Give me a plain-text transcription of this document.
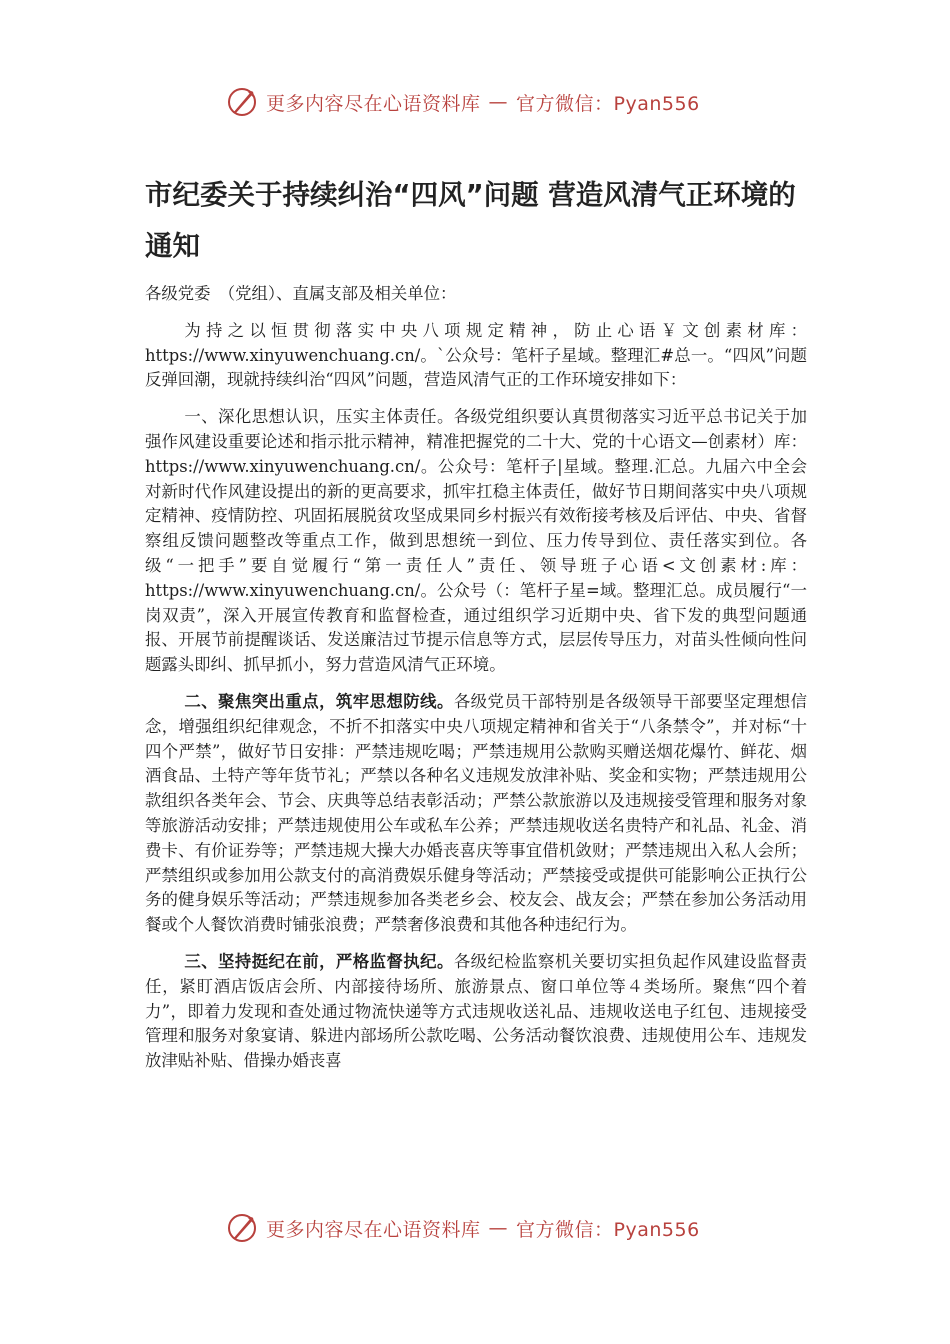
更多内容尽在心语资料库 — 官方微信：Pyan556
市纪委关于持续纠治“四风”问题 营造风清气正环境的通知

各级党委　（党组）、直属支部及相关单位：

为持之以恒贯彻落实中央八项规定精神，防止心语￥文创素材库：https://www.xinyuwenchuang.cn/。`公众号：笔杆子星域。整理汇#总一。“四风”问题反弹回潮，现就持续纠治“四风”问题，营造风清气正的工作环境安排如下：

一、深化思想认识，压实主体责任。各级党组织要认真贯彻落实习近平总书记关于加强作风建设重要论述和指示批示精神，精准把握党的二十大、党的十心语文—创素材）库：https://www.xinyuwenchuang.cn/。公众号：笔杆子|星域。整理.汇总。九届六中全会对新时代作风建设提出的新的更高要求，抓牢扛稳主体责任，做好节日期间落实中央八项规定精神、疫情防控、巩固拓展脱贫攻坚成果同乡村振兴有效衔接考核及后评估、中央、省督察组反馈问题整改等重点工作，做到思想统一到位、压力传导到位、责任落实到位。各级“一把手”要自觉履行“第一责任人”责任、领导班子心语<文创素材:库：https://www.xinyuwenchuang.cn/。公众号（：笔杆子星=域。整理汇总。成员履行“一岗双责”，深入开展宣传教育和监督检查，通过组织学习近期中央、省下发的典型问题通报、开展节前提醒谈话、发送廉洁过节提示信息等方式，层层传导压力，对苗头性倾向性问题露头即纠、抓早抓小，努力营造风清气正环境。

二、聚焦突出重点，筑牢思想防线。各级党员干部特别是各级领导干部要坚定理想信念，增强组织纪律观念，不折不扣落实中央八项规定精神和省关于“八条禁令”，并对标“十四个严禁”，做好节日安排：严禁违规吃喝；严禁违规用公款购买赠送烟花爆竹、鲜花、烟酒食品、土特产等年货节礼；严禁以各种名义违规发放津补贴、奖金和实物；严禁违规用公款组织各类年会、节会、庆典等总结表彰活动；严禁公款旅游以及违规接受管理和服务对象等旅游活动安排；严禁违规使用公车或私车公养；严禁违规收送名贵特产和礼品、礼金、消费卡、有价证券等；严禁违规大操大办婚丧喜庆等事宜借机敛财；严禁违规出入私人会所；严禁组织或参加用公款支付的高消费娱乐健身等活动；严禁接受或提供可能影响公正执行公务的健身娱乐等活动；严禁违规参加各类老乡会、校友会、战友会；严禁在参加公务活动用餐或个人餐饮消费时铺张浪费；严禁奢侈浪费和其他各种违纪行为。

三、坚持挺纪在前，严格监督执纪。各级纪检监察机关要切实担负起作风建设监督责任，紧盯酒店饭店会所、内部接待场所、旅游景点、窗口单位等４类场所。聚焦“四个着力”，即着力发现和查处通过物流快递等方式违规收送礼品、违规收送电子红包、违规接受管理和服务对象宴请、躲进内部场所公款吃喝、公务活动餐饮浪费、违规使用公车、违规发放津贴补贴、借操办婚丧喜

更多内容尽在心语资料库 — 官方微信：Pyan556
